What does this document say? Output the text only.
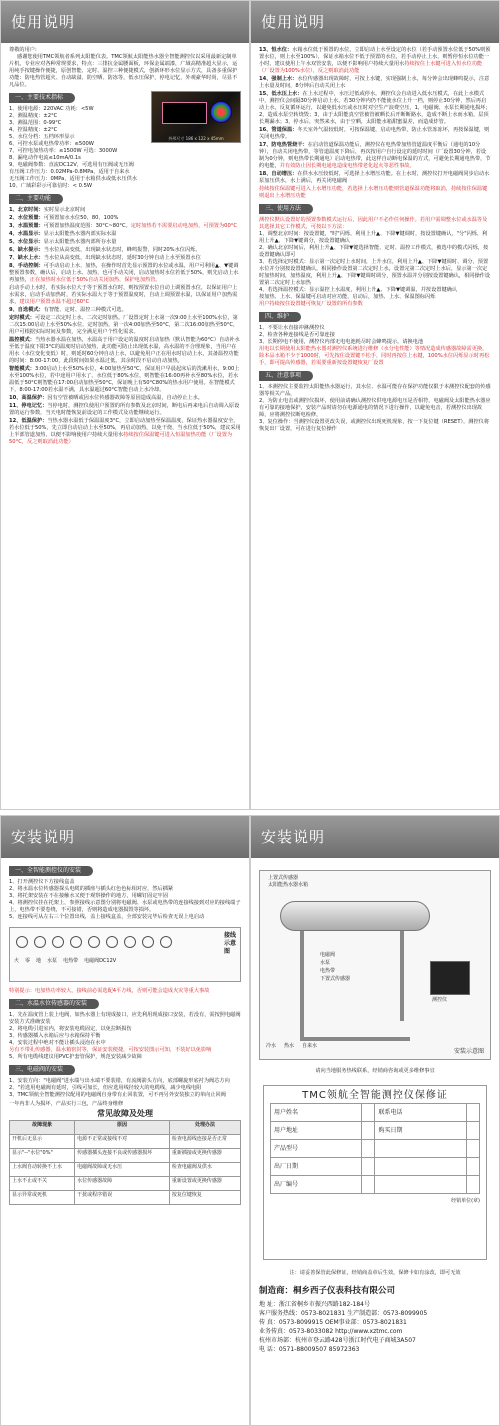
使用说明
尊敬的用户:
感谢您使用TMC领航者系列太阳能仪表。TMC领航太阳能热水器全智能测控仪以采用最新定制单片机，专业应对各种常规要求，特点：三排抗金属腰面板，环保金属端漆，广域高精准超大显示，运用纯手按键操作便捷，原创智能、定时、温控三种便捷模式，创新环形水位显示方式，具备多重保护功能：防电热管超火、自动缺溢、防空晒、防冻等，低水压保护，停电记忆，外观豪华时尚，尽显不凡品位。
一、主要技术指标
外形尺寸 186 x 122 x 45mm
1、使用电源：220VAC 功耗：<5W
2、测温精度：±2°C
3、测温范围：0-99°C
4、控温精度：±2°C
5、水位分档：五档环形显示
6、可控水泵或电热带功率：≤500W
7、可控电加热功率：≤1500W 可选：3000W
8、漏电动作电流≤10mA/0.1s
9、电磁阀参数：直流DC12V，可选用有压阀或无压阀
有压阀工作压力：0.02MPa-0.8MPa，适用于自来水
无压阀工作压力：0MPa，适用于水箱供水或低水压供水
10、广域彩彩示可靠信时：< 0.5W
二、主要功能
1、北京时间：实时显示北京时间
2、水位预置：可预置加水水位50、80、100%
3、水温预置：可预置加热温度范围：30°C~80°C。定时加热若不需要启动电加热，可预置为00°C
4、水温显示：显示太阳能热水器内部实际水温
5、水位显示：显示太阳能热水器内部所存水量
6、缺水提示：当水位从高变低，出现缺水状态时，蜂鸣报警，同时20%水位闪烁。
7、缺水上水：当水位从高变低，出现缺水状态时，延时30分钟自动上水至预置水位
8、手动控制：可手动启动上水、加热，在操作时首先显示预置的水位或水温，用户可利用▲、▼键调整预置参数，确认后，启动上水、加热，也可手动关闭，启动加热时水位若低于50%，则先启动上水再加热，正在加热时水位低于50%自动关闭加热，保护电加热管。
启动手动上水时，若实际水位大于等于预置水位时，则按预置水位自动上调预置水位，以保证用户上水需求，启动手动加热时，若实际水温大于等于预置温度时，自动上调预置水温，以保证用户加热需求，建议用户预置水温不超过60°C
9、自选模式：有智能、定时、温控三种模式可选。
定时模式：可设定二次定时上水、二次定时加热。厂设置定时上水第一次9:00上水至100%水位，第二次15:00启动上水至50%水位，定时加热，第一次4:00加热至50°C，第二次16:00加热至50°C，用户可根据实际时间及参数，完全满足用户个性化需求。
温控模式：当热水器水温在加热，水温高于用户设定的温度时启动加热（默认智能为60°C）自动补水至低于温度下限3°C的温度时启动加热，此功能可防止出现低水温，高水温的不合理现象，当用户在用水（水位变化变低）时，则延时60分钟自动上水，以避免用户正在用水时启动上水，其备温控功能的时间：8:00-17:00，此段时间如果水温过低，其余时段不启动自动加热。
智能模式：3:00启动上水至50%水位，4:00加热至50°C，保证用户早晨起床后的洗漱用水，9:00上水至100%水位，若中途用户用水了，水位低于80%水位，则智能在16:00再补水至80%水位，若水温低于50°C则智能在17:00启动加热至50°C，保证晚上有50°C80%的热水用户使用。在智能模式下，8:00-17:00若水温不满，具水温超过60°C智能自动上水冷却。
10、高温保护：因有空管被晒或因水位传感器故障等原因造成高温，自动停止上水。
11、停电记忆：当停电时，测控仪使用户预置的所有参数及北京时间，断电后再来电后自动调入原设置的运行参数，当天电时能恢复前设定的工作模式及功能继续运行。
12、低温保护：当热水器水温低于保温温度3°C，立即启动加热至保温温度，保证热水器温度安全，若水位低于50%，先立即自动启动上水至50%，再启动加热，以免干烧，当水位低于50%，建议采用上半部管道加热，以便不影响使用户持续大量用水持续按住保温键可进入恒温加热功能（厂设置为50°C，反之则取消此功能）
使用说明
13、恒水位：水箱水位低于预置的水位，立即启动上水至设定的水位（若手动预置水位低于50%则预置水位，则上水至100%），保证水箱水位不低于预置的水位，若手动停止上水，则暂停恒水位功能一小时，建议使用上午水双管安装，以便不影响用户持续大量用水持续按住上水键可进入恒水位功能（厂设置为100%水位），反之则取消此功能
14、强制上水：水位传感器出现故障时，可按上水键，实现强制上水，每分钟会出现蜂鸣提示，注意上水量及时间，8分钟后自动关闭上水
15、低水压上水：在上水过程中，水压过低或停水，测控仪会自动进入低水压模式，在此上水模式中，测控仪会间隔30分钟启动上水，若30分钟内仍不能使水位上升一档，则停止30分钟，然后再启动上水，反复循环运行，以避免低水压或水压时对空生产浪费空压，1，电磁阀、水泵长期通电损坏；2，造成水泵空转烧毁；3，由于太阳能真空管被管被晒长后开断断路水，造成不断上水而水箱，层顶长期漏水；3，停水后，突然来水，由于空晒，太阳能水箱甜蜜温差，而造成炸管。
16、管道保温：冬天室外气温较低时，可按保温键，启动电热带，防止水管冻冻坏，再按保温键，则关闭电热带。
17、防电热管烧干：在启动管道保温功能后，测控仪在电热带加热管道温度平衡后（通电的10分钟），自动关闭电热带，等管道温度下降后，再次按用户自行设定的延时时间（厂设置30分钟，若设制为0分钟，则电热带长期通电）启动电热带，此这样自动断电保温的方式，可避免长期通电热带，节约电能，并有效防止因长期电通电造成电热带老化起火等恶性事故。
18、自动增压：在供水水压较低时，可选择上水增压功能。在上水时，测控仪打开电磁阀同步启动水泵加压供水，水上满后，再关闭电磁阀
持续按住保温键可进入上水增压功能，若选择上水增压功能则管道保温功能将取消，持续按住保温键则退出上水增压功能
三、使用方法
测控仪默认设置好的预置参数模式运行后，因此用户不必作任何操作。若用户需调整水位或水温等及其选择其它工作模式，可按以下方法：
1、调整北京时间：按设置键，"时"闪烁，利用上升▲、下降▼键调时，按设置键确认，"分"闪烁，利用上升▲、下降▼键调分，按设置键确认
2、确认北京时间后，利用上升▲、下降▼键选择智能、定时、温控工作模式，被选中的模式闪烁，按设置键确认即可
3、若选择定时模式：显示第一次定时上水时间，上升水位，利用上升▲、下降▼键调时、调分，预置水位并分别按设置键确认，相同操作设置第二次定时上水，设置完第二次定时上水后，显示第一次定时加热时间，加热温度，利用上升▲、下降▼键调时调分，预置水温并分别按设置键确认，相同操作设置第二次定时上水加热
4、若选择温控模式：显示温控上水温度，利用上升▲、下降▼键调温，并按设置键确认
按加热、上水、保温键可启动对应功能，启动后，加热、上水、保温图标闪烁
用户持续按住设置键可恢复厂设置的所有参数
四、维护
1、不要让水直接冲淋测控仪
2、检查各种连接线是否可靠连接
3、长期停电不使用，测控仪内部无电电池耗尽时会蜂鸣提示，请换电池
用电以长期使用太阳能热水器对测控仪系统进行维修（水分电性能）等情况造成传感器故障需更换，除本品水箱不少于1000时，可先按住设置键不松手，同时再按住上水键，100%水位闪烁显示时再松手，即可提高传感器，若需要重新按设置键恢复厂设置
五、注意事项
1、本测控仪主要监控太阳能热水器运行，其水位、水温可能存在保护功能仅限于本测控仪配套的传感器等相关产品，
2、为防止电击或测控仪损坏，使用前请确认测控仪供电电源电压是否相符，电磁阀及太阳能热水器应有可靠的接地保护，安装产品时请勿在电源通电的情况下进行操作，以避免电击，若测控仪出现故障，应将测控仪断电检修，
3、复位操作：当测控仪设置更改失误，或测控仪出现死机现象，按一下复位键（RESET），测控仪将恢复出厂设置，可在进行复位操作
安装说明
一、全智能测控仪的安装
1、打开测控仪下方接线盒盖
2、将水温水位传感器探头电缆的插座与插头红色色标相对应，然后插紧
3、将托架安装在不在接触水又便于观察操作的地方，用螺钉固定牢固
4、将测控仪挂在托架上，参照接线示意图分别将电磁阀、水泵或电热带的连接线接到对应的接线端子上，电热带不要卷绕，不可接错，否则将造成电器损毁等损坏。
5、连接线可从左右三个位置出线，盖上接线盒盖，全部安装完毕后检查无误上电启动
火 零 地 水泵 电热带 电磁阀DC12V
接线示意图
特别提示：电加热功率较大，接线前必需选配4平方线，否则可能会造成火灾等重大事故
二、水温水位传感器的安装
1、先在温度管上装上电阀，如热水器上有现成接口，应先利用现成接口安装，若没有，需按照电磁阀安装方式准确安装
2、将电缆引进室内，将安装电缆固定，以免拉断损伤
3、传感器插入水箱后应与水箱保持平衡
4、安装过程中绝对不能让插头浸泡在水中
另有不带孔传感器，温水箱密封等，保证安装便捷，可按安装图示可知，不装好以免影响
5、所有电缆线建议用PVC护套管保护，规范安装减少故障
三、电磁阀的安装
1、安装方向："电磁阀"进水端与出水端不要装错，有流阀箭头方向，底部螺旋形底衬为阀芯方向
2、"若选用电磁阀有延时，引线可加长，但应选用线径较大的电缆线，减少电线电阻
3、TMC领航全智能测控仪配用的电磁阀自身带有止回装置，可不再另外安装独立的单向止回阀
一年内非人为损坏，产品实行三包，产品终身维修
常见故障及处理
故障现象	原因	处理办法
开机后无显示	电源不正常或接线不对	检查电源线连接是否正常
显示"--"水位"0%"	传感器插头连接不良或传感器损坏	重新插接或更换传感器
上水阀自动转换不上水	电磁阀故障或无水压	检查电磁阀及供水
上水不止或不关	水位传感器故障	重新设置或更换传感器
显示异常或死机	干扰或程序错误	按复位键恢复
安装说明
上置式传感器
太阳能热水器水箱
电磁阀
水泵
电热带
下置式传感器
测控仪
冷水 热水 自来水
安装示意图
请向当地服务热线联系，经销商咨询或更多维修事宜
TMC领航全智能测控仪保修证
用户姓名		联系电话	
用户地址		购买日期	
产品型号			
出厂日期			
出厂编号			
经销单位(章)
注：请妥善保管此保修证，经销商盖章后生效，保修卡如有涂改，即可无效
制造商：桐乡西子仪表科技有限公司
地 址：浙江省桐乡市振兴西路182-184号
客户服务热线：0573-8021831 生产制造部：0573-8099905
传 真：0573-8099915 OEM事业部：0573-8021831
业务传真：0573-8033082 http://www.xztmc.com
杭州市场部：杭州市登云路428号浙江时代电子商城3A507
电 话：0571-88009507 85972363
